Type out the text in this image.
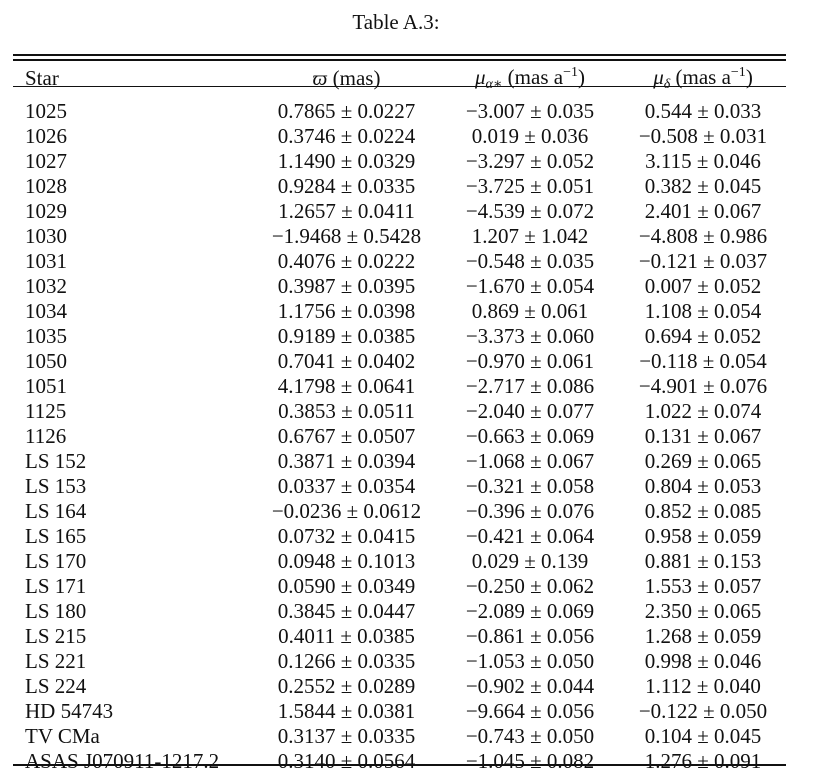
Table A.3:
Star	ϖ (mas)	$\mu_{\alpha∗}$ (mas $a^{-1}$)	$\mu_\delta$ (mas $a^{-1}$)
1025	0.7865 ± 0.0227	−3.007 ± 0.035	0.544 ± 0.033
1026	0.3746 ± 0.0224	0.019 ± 0.036	−0.508 ± 0.031
1027	1.1490 ± 0.0329	−3.297 ± 0.052	3.115 ± 0.046
1028	0.9284 ± 0.0335	−3.725 ± 0.051	0.382 ± 0.045
1029	1.2657 ± 0.0411	−4.539 ± 0.072	2.401 ± 0.067
1030	−1.9468 ± 0.5428	1.207 ± 1.042	−4.808 ± 0.986
1031	0.4076 ± 0.0222	−0.548 ± 0.035	−0.121 ± 0.037
1032	0.3987 ± 0.0395	−1.670 ± 0.054	0.007 ± 0.052
1034	1.1756 ± 0.0398	0.869 ± 0.061	1.108 ± 0.054
1035	0.9189 ± 0.0385	−3.373 ± 0.060	0.694 ± 0.052
1050	0.7041 ± 0.0402	−0.970 ± 0.061	−0.118 ± 0.054
1051	4.1798 ± 0.0641	−2.717 ± 0.086	−4.901 ± 0.076
1125	0.3853 ± 0.0511	−2.040 ± 0.077	1.022 ± 0.074
1126	0.6767 ± 0.0507	−0.663 ± 0.069	0.131 ± 0.067
LS 152	0.3871 ± 0.0394	−1.068 ± 0.067	0.269 ± 0.065
LS 153	0.0337 ± 0.0354	−0.321 ± 0.058	0.804 ± 0.053
LS 164	−0.0236 ± 0.0612	−0.396 ± 0.076	0.852 ± 0.085
LS 165	0.0732 ± 0.0415	−0.421 ± 0.064	0.958 ± 0.059
LS 170	0.0948 ± 0.1013	0.029 ± 0.139	0.881 ± 0.153
LS 171	0.0590 ± 0.0349	−0.250 ± 0.062	1.553 ± 0.057
LS 180	0.3845 ± 0.0447	−2.089 ± 0.069	2.350 ± 0.065
LS 215	0.4011 ± 0.0385	−0.861 ± 0.056	1.268 ± 0.059
LS 221	0.1266 ± 0.0335	−1.053 ± 0.050	0.998 ± 0.046
LS 224	0.2552 ± 0.0289	−0.902 ± 0.044	1.112 ± 0.040
HD 54743	1.5844 ± 0.0381	−9.664 ± 0.056	−0.122 ± 0.050
TV CMa	0.3137 ± 0.0335	−0.743 ± 0.050	0.104 ± 0.045
ASAS J070911-1217.2	0.3140 ± 0.0564	−1.045 ± 0.082	1.276 ± 0.091
